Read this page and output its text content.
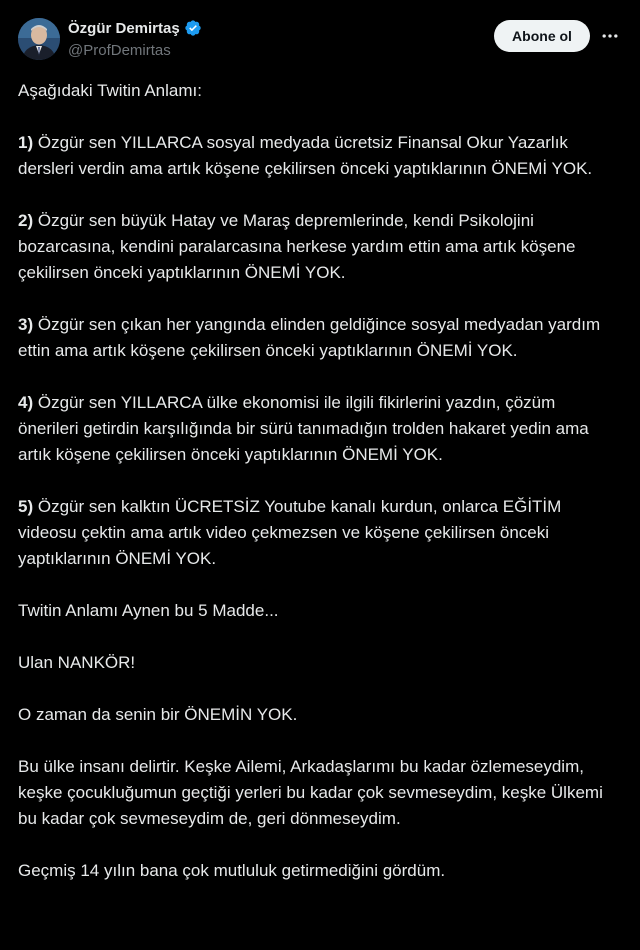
Özgür Demirtaş
@ProfDemirtas
Abone ol

Aşağıdaki Twitin Anlamı:

1) Özgür sen YILLARCA sosyal medyada ücretsiz Finansal Okur Yazarlık dersleri verdin ama artık köşene çekilirsen önceki yaptıklarının ÖNEMİ YOK.

2) Özgür sen büyük Hatay ve Maraş depremlerinde, kendi Psikolojini bozarcasına, kendini paralarcasına herkese yardım ettin ama artık köşene çekilirsen önceki yaptıklarının ÖNEMİ YOK.

3) Özgür sen çıkan her yangında elinden geldiğince sosyal medyadan yardım ettin ama artık köşene çekilirsen önceki yaptıklarının ÖNEMİ YOK.

4) Özgür sen YILLARCA ülke ekonomisi ile ilgili fikirlerini yazdın, çözüm önerileri getirdin karşılığında bir sürü tanımadığın trolden hakaret yedin ama artık köşene çekilirsen önceki yaptıklarının ÖNEMİ YOK.

5) Özgür sen kalktın ÜCRETSİZ Youtube kanalı kurdun, onlarca EĞİTİM videosu çektin ama artık video çekmezsen ve köşene çekilirsen önceki yaptıklarının ÖNEMİ YOK.

Twitin Anlamı Aynen bu 5 Madde...

Ulan NANKÖR!

O zaman da senin bir ÖNEMİN YOK.

Bu ülke insanı delirtir. Keşke Ailemi, Arkadaşlarımı bu kadar özlemeseydim, keşke çocukluğumun geçtiği yerleri bu kadar çok sevmeseydim, keşke Ülkemi bu kadar çok sevmeseydim de, geri dönmeseydim.

Geçmiş 14 yılın bana çok mutluluk getirmediğini gördüm.
